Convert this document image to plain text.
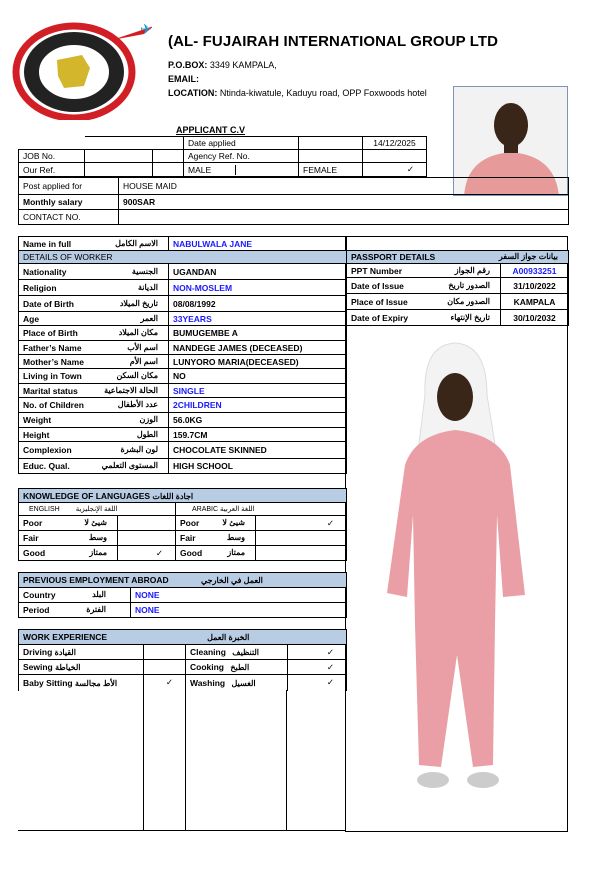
✈
(AL- FUJAIRAH INTERNATIONAL GROUP LTD
P.O.BOX: 3349 KAMPALA,
EMAIL:
LOCATION: Ntinda-kiwatule, Kaduyu road, OPP Foxwoods hotel
APPLICANT C.V
			Date applied		14/12/2025
JOB No.			Agency Ref. No.		
Our Ref.			MALE	FEMALE	✓
Post applied for	HOUSE MAID
Monthly salary	900SAR
CONTACT NO.	
Name in full الاسم الكامل	NABULWALA JANE
DETAILS OF WORKER	
Nationality الجنسية	UGANDAN
Religion الديانة	NON-MOSLEM
Date of Birth تاريخ الميلاد	08/08/1992
Age العمر	33YEARS
Place of Birth مكان الميلاد	BUMUGEMBE A
Father’s Name اسم الأب	NANDEGE JAMES (DECEASED)
Mother’s Name اسم الأم	LUNYORO MARIA(DECEASED)
Living in Town مكان السكن	NO
Marital status الحالة الاجتماعية	SINGLE
No. of Children عدد الأطفال	2CHILDREN
Weight الوزن	56.0KG
Height الطول	159.7CM
Complexion لون البشرة	CHOCOLATE SKINNED
Educ. Qual. المستوى التعلمي	HIGH SCHOOL
PASSPORT DETAILS بيانات جواز السفر	

PPT Number رقم الجواز	A00933251
Date of Issue الصدور تاريخ	31/10/2022
Place of Issue الصدور مكان	KAMPALA
Date of Expiry تاريخ الإنتهاء	30/10/2032
KNOWLEDGE OF LANGUAGES اجادة اللغات			
ENGLISH اللغة الإنجليزية		ARABIC اللغة العربية	
Poor شيئ لا		Poor شيئ لا	✓
Fair وسط		Fair وسط	

Good ممتاز	✓	Good ممتاز	

PREVIOUS EMPLOYMENT ABROAD العمل في الخارجي	
Country البلد	NONE
Period الفترة	NONE
WORK EXPERIENCE الخبرة العمل			
Driving القيادة		Cleaning التنظيف	✓
Sewing الخياطة		Cooking الطبخ	✓
Baby Sitting الأط مجالسة	✓	Washing الغسيل	✓
